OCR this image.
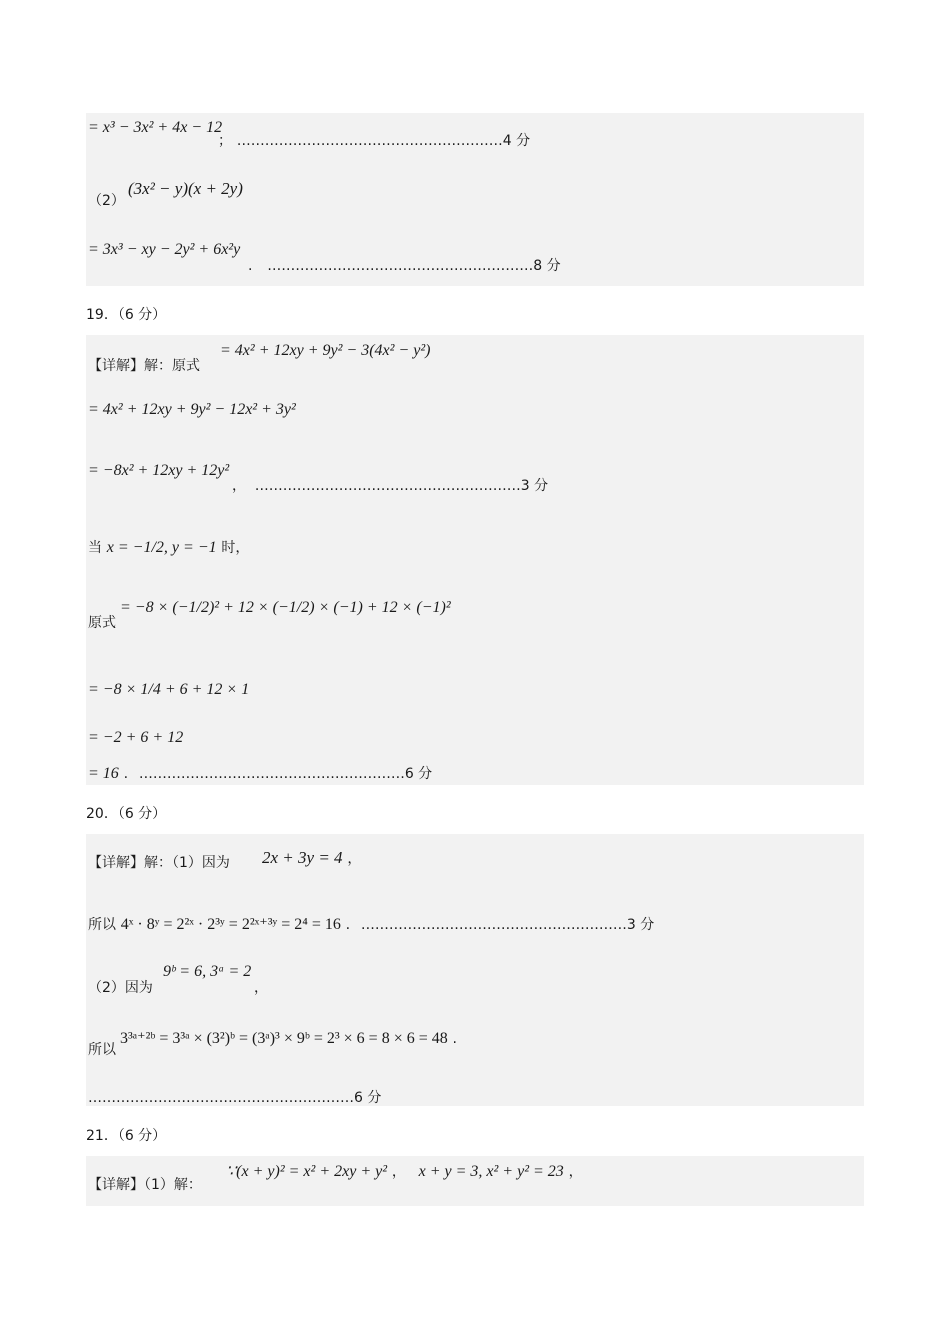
= x³ − 3x² + 4x − 12
； …………………………………………………4 分
（2）
(3x² − y)(x + 2y)
= 3x³ − xy − 2y² + 6x²y
. …………………………………………………8 分
19．（6 分）
【详解】解：原式
= 4x² + 12xy + 9y² − 3(4x² − y²)
= 4x² + 12xy + 9y² − 12x² + 3y²
= −8x² + 12xy + 12y²
， …………………………………………………3 分
当 x = −1/2, y = −1 时，
原式
= −8 × (−1/2)² + 12 × (−1/2) × (−1) + 12 × (−1)²
= −8 × 1/4 + 6 + 12 × 1
= −2 + 6 + 12
= 16 . …………………………………………………6 分
20．（6 分）
【详解】解：（1）因为 2x + 3y = 4 ，
所以 4ˣ · 8ʸ = 2²ˣ · 2³ʸ = 2²ˣ⁺³ʸ = 2⁴ = 16 . …………………………………………………3 分
（2）因为
9ᵇ = 6, 3ᵃ = 2
，
所以
3³ᵃ⁺²ᵇ = 3³ᵃ × (3²)ᵇ = (3ᵃ)³ × 9ᵇ = 2³ × 6 = 8 × 6 = 48 .
…………………………………………………6 分
21．（6 分）
【详解】（1）解：
∵(x + y)² = x² + 2xy + y² ， x + y = 3, x² + y² = 23 ，
